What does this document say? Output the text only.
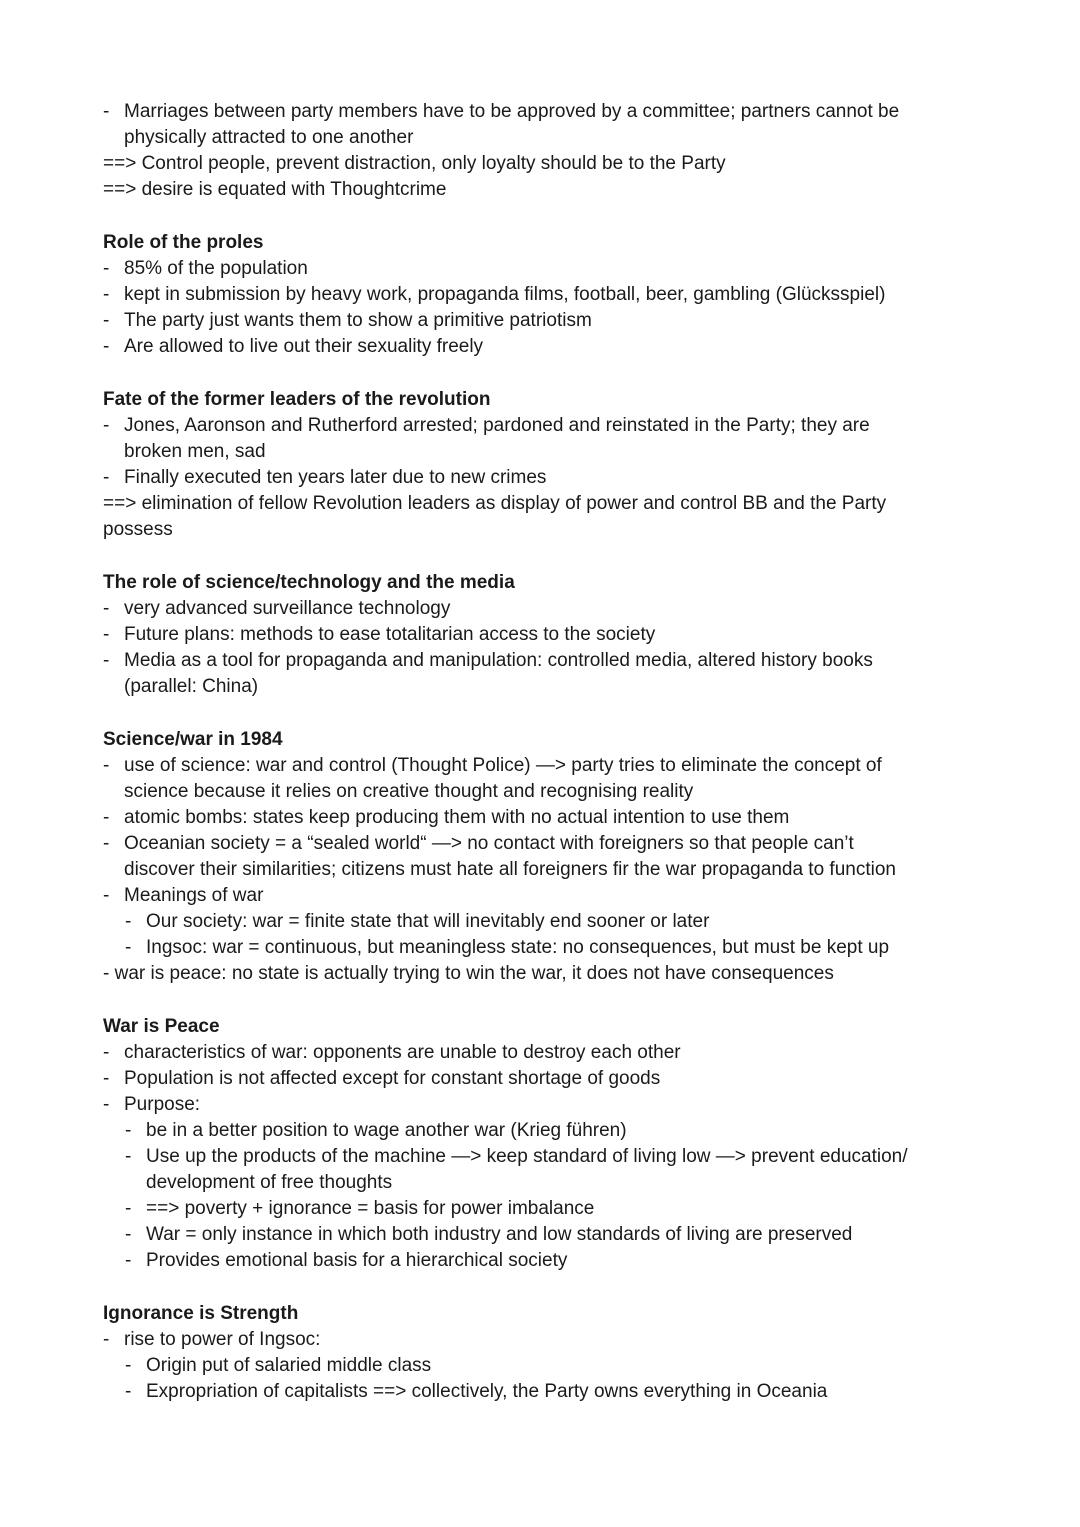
- Marriages between party members have to be approved by a committee; partners cannot be
physically attracted to one another
==> Control people, prevent distraction, only loyalty should be to the Party
==> desire is equated with Thoughtcrime
Role of the proles
- 85% of the population
- kept in submission by heavy work, propaganda films, football, beer, gambling (Glücksspiel)
- The party just wants them to show a primitive patriotism
- Are allowed to live out their sexuality freely
Fate of the former leaders of the revolution
- Jones, Aaronson and Rutherford arrested; pardoned and reinstated in the Party; they are
broken men, sad
- Finally executed ten years later due to new crimes
==> elimination of fellow Revolution leaders as display of power and control BB and the Party
possess
The role of science/technology and the media
- very advanced surveillance technology
- Future plans: methods to ease totalitarian access to the society
- Media as a tool for propaganda and manipulation: controlled media, altered history books
(parallel: China)
Science/war in 1984
- use of science: war and control (Thought Police) —> party tries to eliminate the concept of
science because it relies on creative thought and recognising reality
- atomic bombs: states keep producing them with no actual intention to use them
- Oceanian society = a “sealed world“ —> no contact with foreigners so that people can’t
discover their similarities; citizens must hate all foreigners fir the war propaganda to function
- Meanings of war
- Our society: war = finite state that will inevitably end sooner or later
- Ingsoc: war = continuous, but meaningless state: no consequences, but must be kept up
- war is peace: no state is actually trying to win the war, it does not have consequences
War is Peace
- characteristics of war: opponents are unable to destroy each other
- Population is not affected except for constant shortage of goods
- Purpose:
- be in a better position to wage another war (Krieg führen)
- Use up the products of the machine —> keep standard of living low —> prevent education/
development of free thoughts
- ==> poverty + ignorance = basis for power imbalance
- War = only instance in which both industry and low standards of living are preserved
- Provides emotional basis for a hierarchical society
Ignorance is Strength
- rise to power of Ingsoc:
- Origin put of salaried middle class
- Expropriation of capitalists ==> collectively, the Party owns everything in Oceania
